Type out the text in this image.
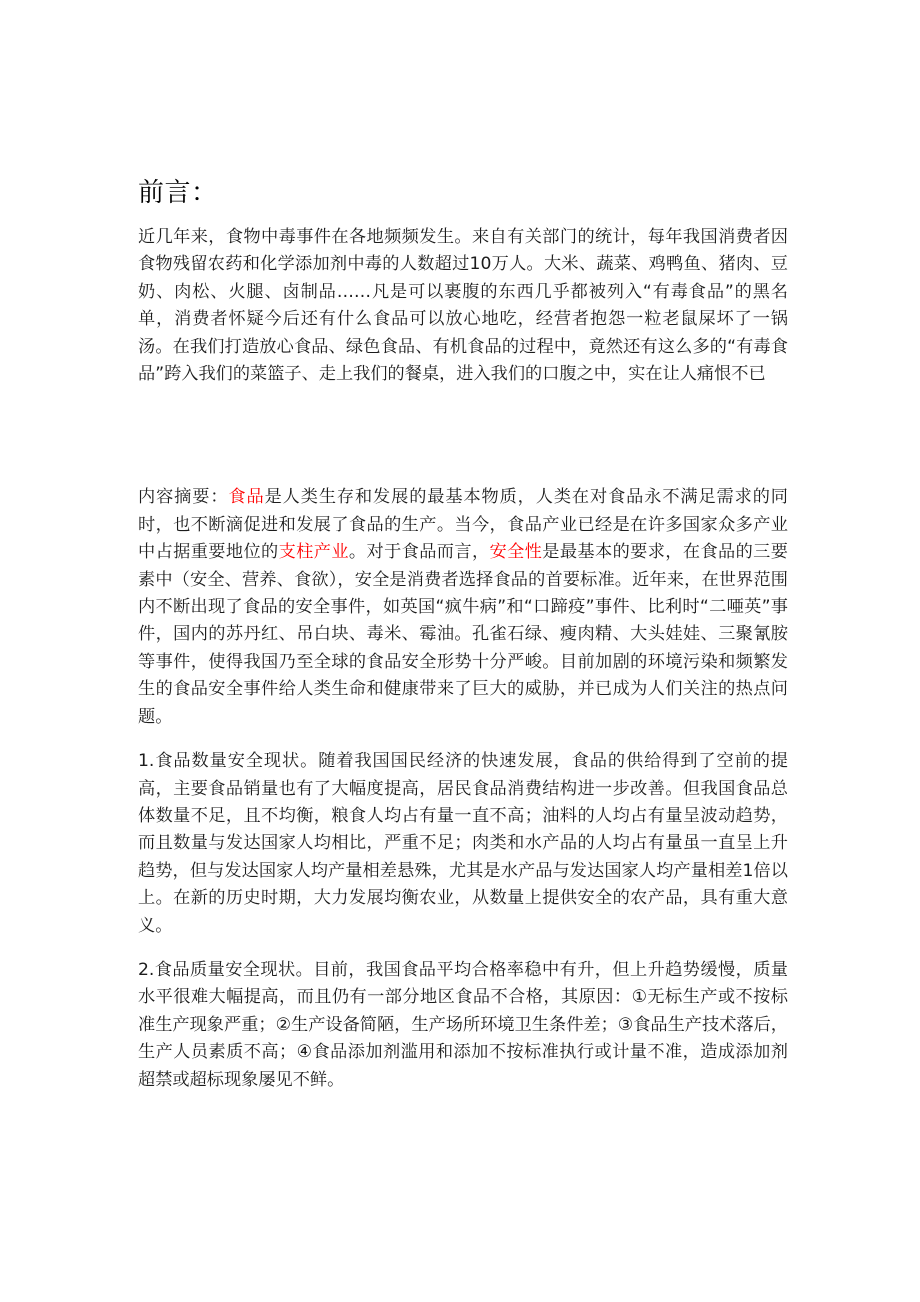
前言：

近几年来，食物中毒事件在各地频频发生。来自有关部门的统计，每年我国消费者因食物残留农药和化学添加剂中毒的人数超过10万人。大米、蔬菜、鸡鸭鱼、猪肉、豆奶、肉松、火腿、卤制品……凡是可以裹腹的东西几乎都被列入“有毒食品”的黑名单，消费者怀疑今后还有什么食品可以放心地吃，经营者抱怨一粒老鼠屎坏了一锅汤。在我们打造放心食品、绿色食品、有机食品的过程中，竟然还有这么多的“有毒食品”跨入我们的菜篮子、走上我们的餐桌，进入我们的口腹之中，实在让人痛恨不已

内容摘要：食品是人类生存和发展的最基本物质，人类在对食品永不满足需求的同时，也不断滴促进和发展了食品的生产。当今，食品产业已经是在许多国家众多产业中占据重要地位的支柱产业。对于食品而言，安全性是最基本的要求，在食品的三要素中（安全、营养、食欲），安全是消费者选择食品的首要标准。近年来，在世界范围内不断出现了食品的安全事件，如英国“疯牛病”和“口蹄疫”事件、比利时“二唖英”事件，国内的苏丹红、吊白块、毒米、霉油。孔雀石绿、瘦肉精、大头娃娃、三聚氰胺等事件，使得我国乃至全球的食品安全形势十分严峻。目前加剧的环境污染和频繁发生的食品安全事件给人类生命和健康带来了巨大的威胁，并已成为人们关注的热点问题。

1.食品数量安全现状。随着我国国民经济的快速发展，食品的供给得到了空前的提高，主要食品销量也有了大幅度提高，居民食品消费结构进一步改善。但我国食品总体数量不足，且不均衡，粮食人均占有量一直不高；油料的人均占有量呈波动趋势，而且数量与发达国家人均相比，严重不足；肉类和水产品的人均占有量虽一直呈上升趋势，但与发达国家人均产量相差悬殊，尤其是水产品与发达国家人均产量相差1倍以上。在新的历史时期，大力发展均衡农业，从数量上提供安全的农产品，具有重大意义。

2.食品质量安全现状。目前，我国食品平均合格率稳中有升，但上升趋势缓慢，质量水平很难大幅提高，而且仍有一部分地区食品不合格，其原因：①无标生产或不按标准生产现象严重；②生产设备简陋，生产场所环境卫生条件差；③食品生产技术落后，生产人员素质不高；④食品添加剂滥用和添加不按标准执行或计量不准，造成添加剂超禁或超标现象屡见不鲜。
